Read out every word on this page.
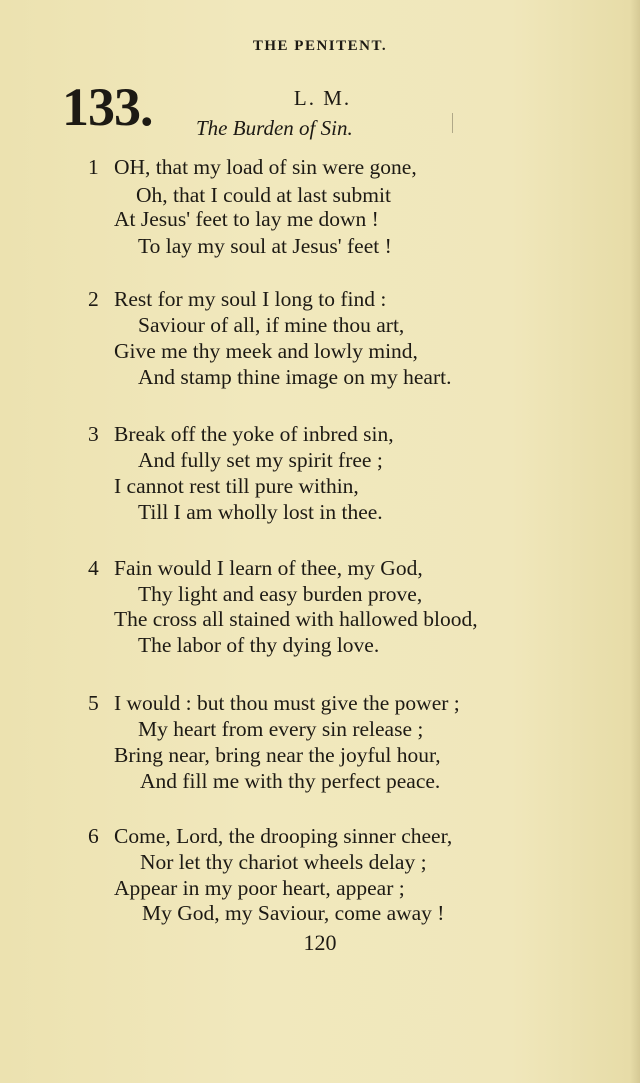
THE PENITENT.
133.	L. M.
The Burden of Sin.
1 OH, that my load of sin were gone,
Oh, that I could at last submit
At Jesus' feet to lay me down !
To lay my soul at Jesus' feet !
2 Rest for my soul I long to find :
Saviour of all, if mine thou art,
Give me thy meek and lowly mind,
And stamp thine image on my heart.
3 Break off the yoke of inbred sin,
And fully set my spirit free ;
I cannot rest till pure within,
Till I am wholly lost in thee.
4 Fain would I learn of thee, my God,
Thy light and easy burden prove,
The cross all stained with hallowed blood,
The labor of thy dying love.
5 I would : but thou must give the power ;
My heart from every sin release ;
Bring near, bring near the joyful hour,
And fill me with thy perfect peace.
6 Come, Lord, the drooping sinner cheer,
Nor let thy chariot wheels delay ;
Appear in my poor heart, appear ;
My God, my Saviour, come away !
120
